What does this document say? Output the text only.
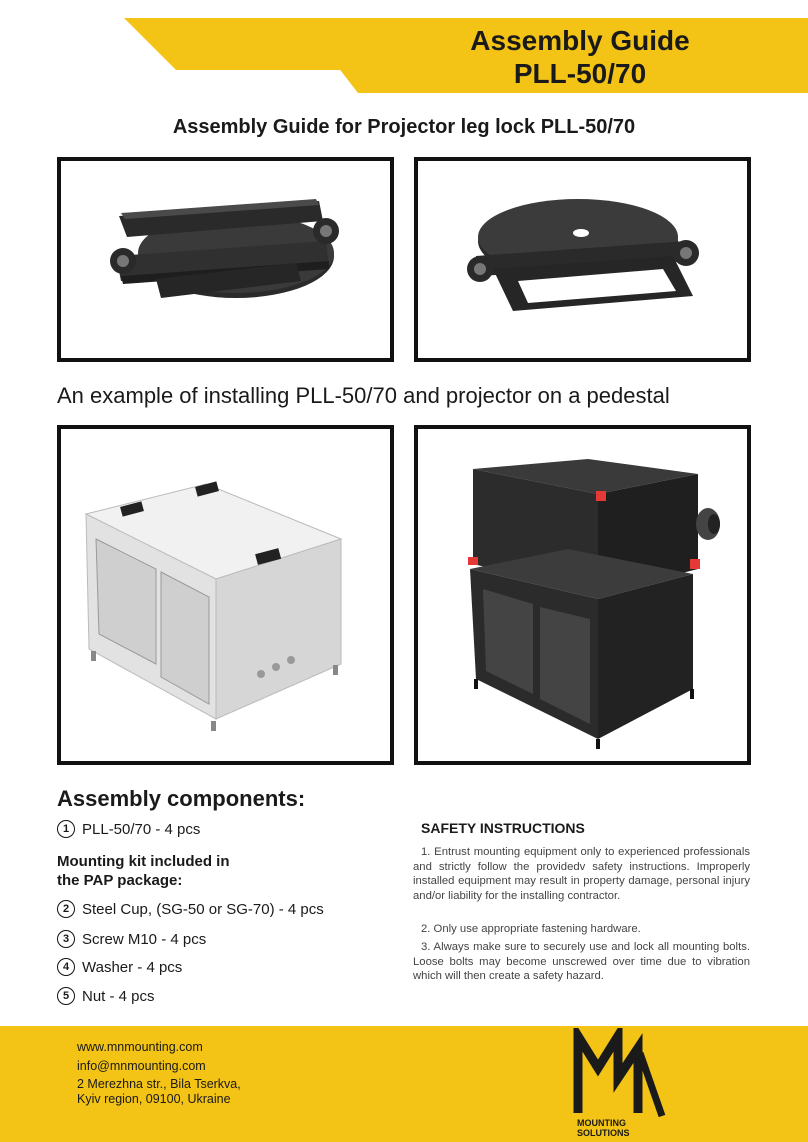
Assembly Guide
PLL-50/70
Assembly Guide for Projector leg lock PLL-50/70
An example of installing PLL-50/70 and projector on a pedestal
Assembly components:
1 PLL-50/70 - 4 pcs
Mounting kit included in
the PAP package:
2 Steel Cup, (SG-50 or SG-70) - 4 pcs
3 Screw M10 - 4 pcs
4 Washer - 4 pcs
5 Nut - 4 pcs
SAFETY INSTRUCTIONS

1. Entrust mounting equipment only to experienced professionals and strictly follow the providedv safety instructions. Improperly installed equipment may result in property damage, personal injury and/or liability for the installing contractor.

2. Only use appropriate fastening hardware.

3. Always make sure to securely use and lock all mounting bolts. Loose bolts may become unscrewed over time due to vibration which will then create a safety hazard.

www.mnmounting.com
info@mnmounting.com
2 Merezhna str., Bila Tserkva,
Kyiv region, 09100, Ukraine
MOUNTING
SOLUTIONS
